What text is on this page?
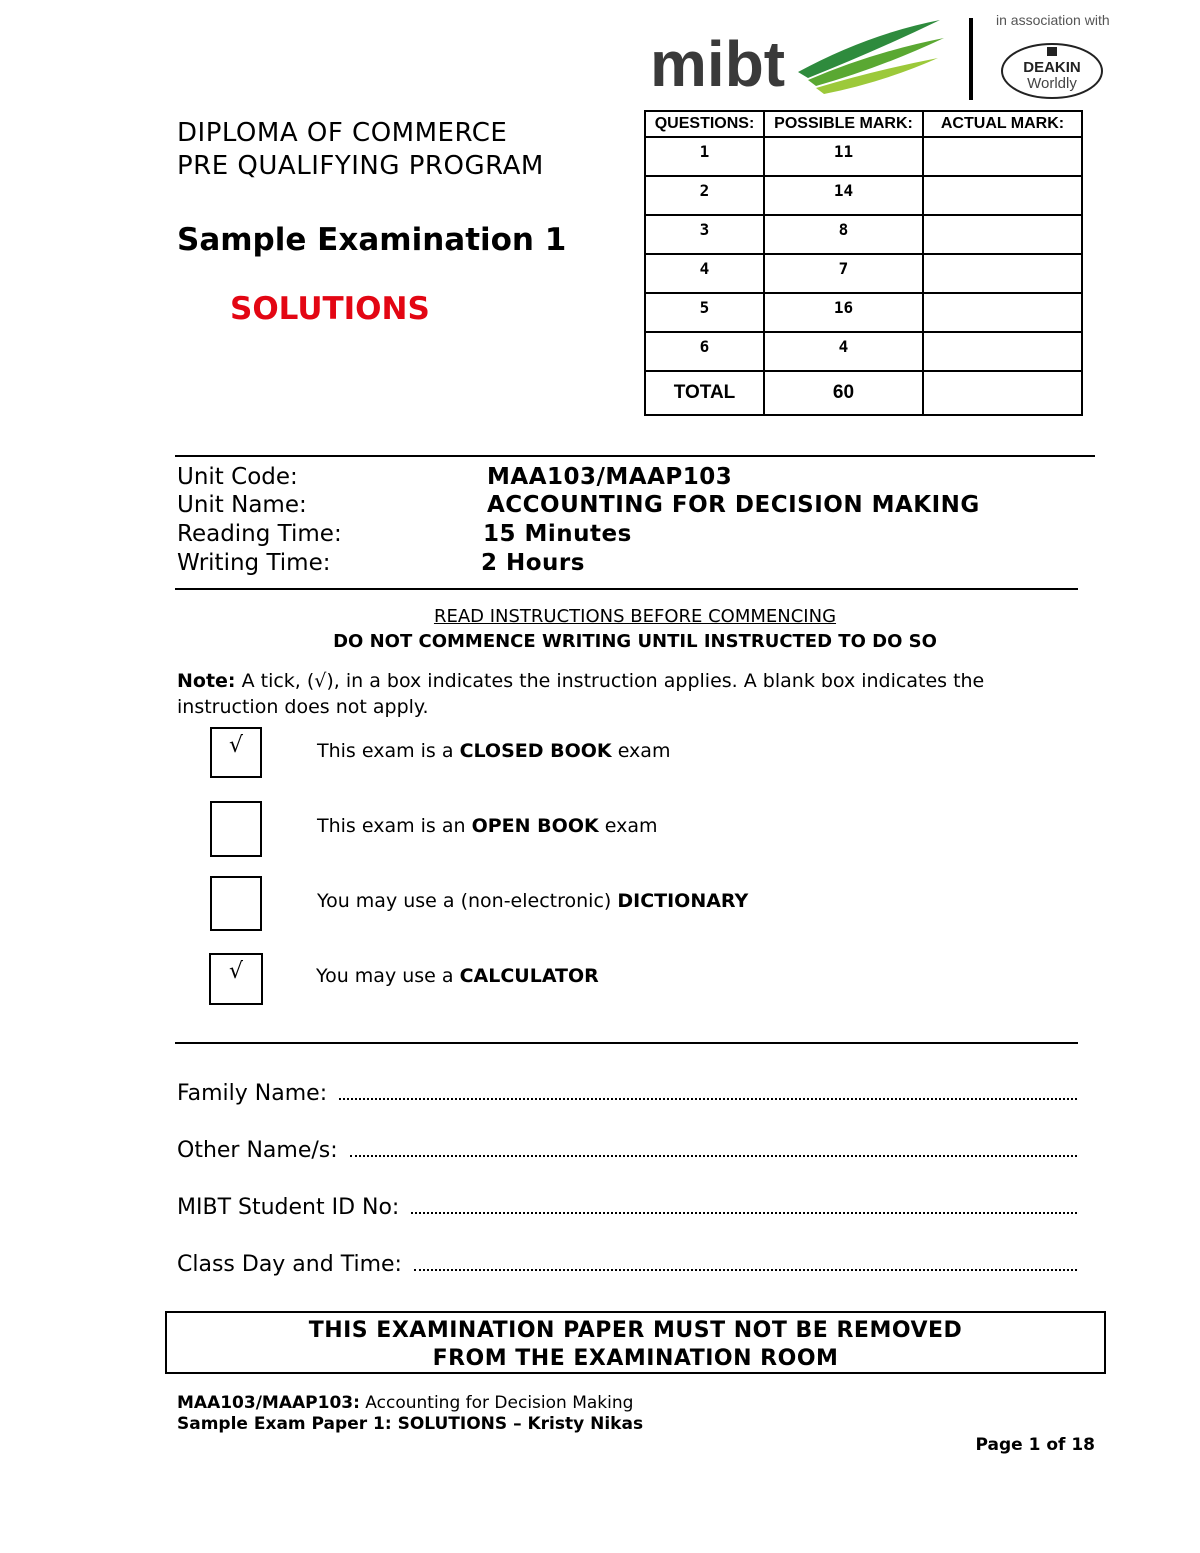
mibt
in association with
DEAKIN
Worldly
DIPLOMA OF COMMERCE
PRE QUALIFYING PROGRAM
Sample Examination 1
SOLUTIONS
QUESTIONS:	POSSIBLE MARK:	ACTUAL MARK:
1	11	
2	14	
3	8	
4	7	
5	16	
6	4	
TOTAL	60	
Unit Code:	MAA103/MAAP103
Unit Name:	ACCOUNTING FOR DECISION MAKING
Reading Time:	15 Minutes
Writing Time:	2 Hours
READ INSTRUCTIONS BEFORE COMMENCING
DO NOT COMMENCE WRITING UNTIL INSTRUCTED TO DO SO
Note: A tick, (√), in a box indicates the instruction applies. A blank box indicates the instruction does not apply.
√	This exam is a CLOSED BOOK exam
This exam is an OPEN BOOK exam
You may use a (non-electronic) DICTIONARY
√	You may use a CALCULATOR
Family Name:
Other Name/s:
MIBT Student ID No:
Class Day and Time:
THIS EXAMINATION PAPER MUST NOT BE REMOVED
FROM THE EXAMINATION ROOM
MAA103/MAAP103: Accounting for Decision Making
Sample Exam Paper 1: SOLUTIONS – Kristy Nikas
Page 1 of 18
